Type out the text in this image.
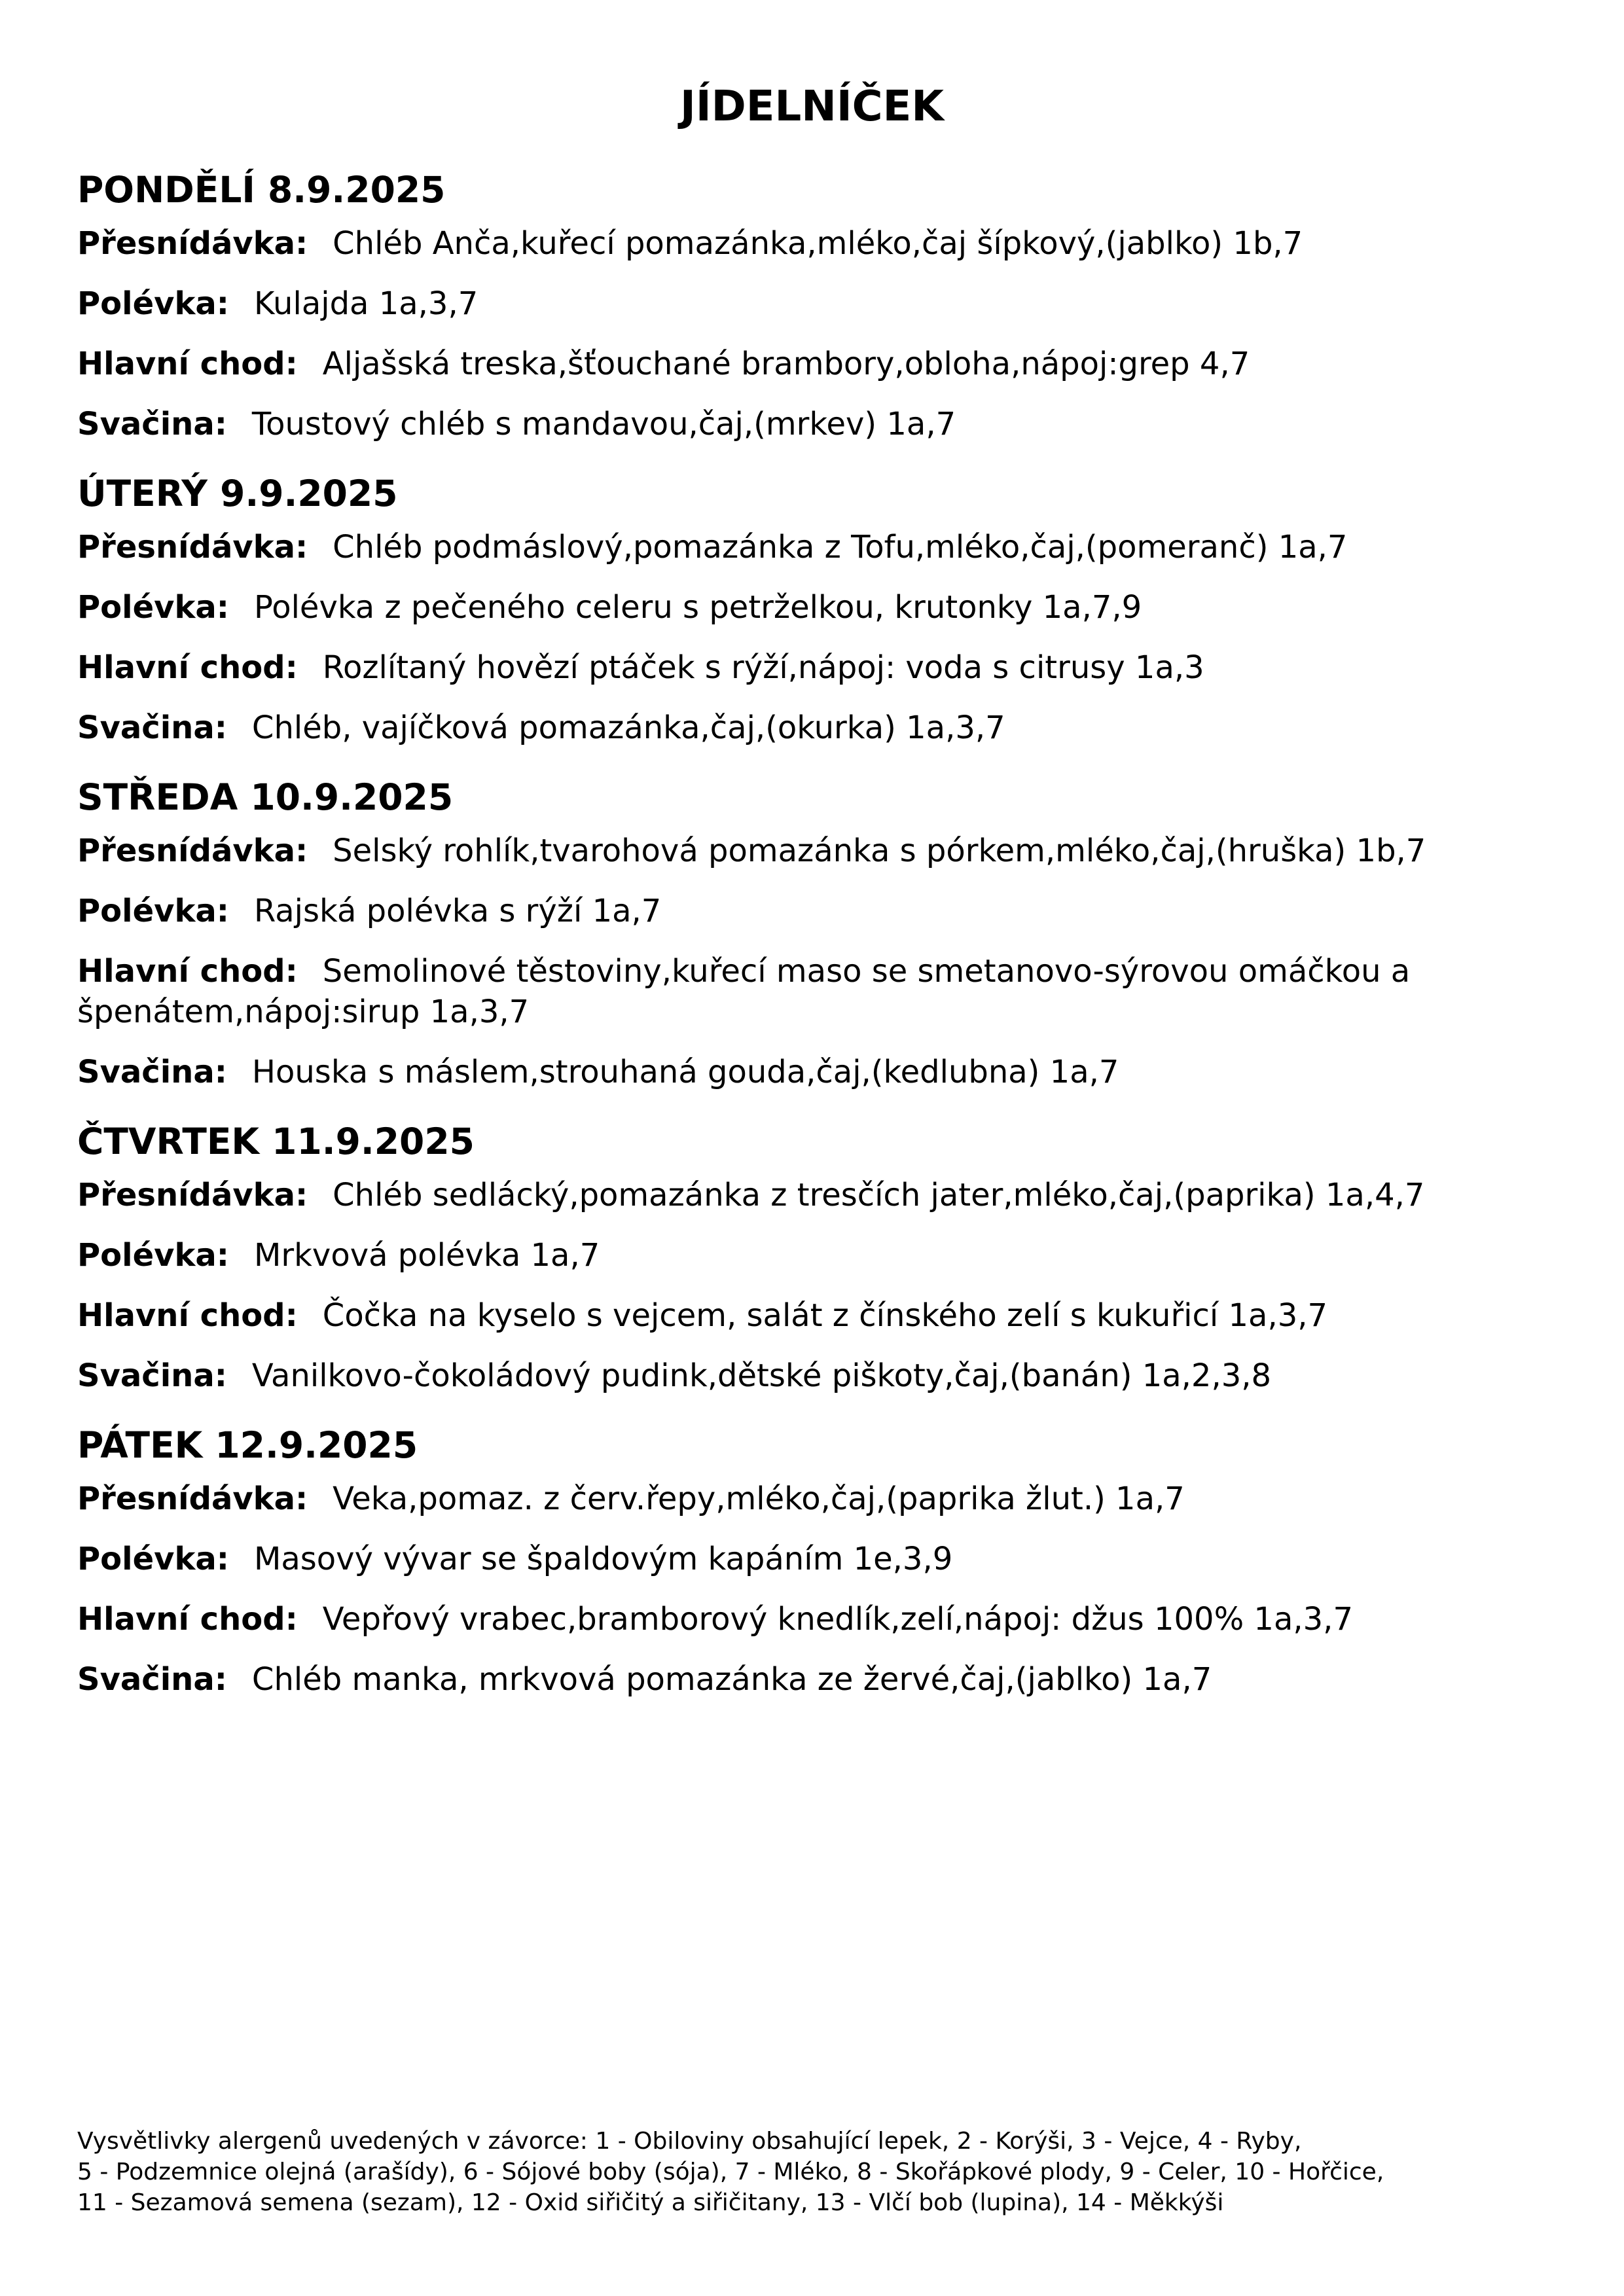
JÍDELNÍČEK
PONDĚLÍ 8.9.2025
Přesnídávka: Chléb Anča,kuřecí pomazánka,mléko,čaj šípkový,(jablko) 1b,7
Polévka: Kulajda 1a,3,7
Hlavní chod: Aljašská treska,šťouchané brambory,obloha,nápoj:grep 4,7
Svačina: Toustový chléb s mandavou,čaj,(mrkev) 1a,7
ÚTERÝ 9.9.2025
Přesnídávka: Chléb podmáslový,pomazánka z Tofu,mléko,čaj,(pomeranč) 1a,7
Polévka: Polévka z pečeného celeru s petrželkou, krutonky 1a,7,9
Hlavní chod: Rozlítaný hovězí ptáček s rýží,nápoj: voda s citrusy 1a,3
Svačina: Chléb, vajíčková pomazánka,čaj,(okurka) 1a,3,7
STŘEDA 10.9.2025
Přesnídávka: Selský rohlík,tvarohová pomazánka s pórkem,mléko,čaj,(hruška) 1b,7
Polévka: Rajská polévka s rýží 1a,7
Hlavní chod: Semolinové těstoviny,kuřecí maso se smetanovo-sýrovou omáčkou a špenátem,nápoj:sirup 1a,3,7
Svačina: Houska s máslem,strouhaná gouda,čaj,(kedlubna) 1a,7
ČTVRTEK 11.9.2025
Přesnídávka: Chléb sedlácký,pomazánka z tresčích jater,mléko,čaj,(paprika) 1a,4,7
Polévka: Mrkvová polévka 1a,7
Hlavní chod: Čočka na kyselo s vejcem, salát z čínského zelí s kukuřicí 1a,3,7
Svačina: Vanilkovo-čokoládový pudink,dětské piškoty,čaj,(banán) 1a,2,3,8
PÁTEK 12.9.2025
Přesnídávka: Veka,pomaz. z červ.řepy,mléko,čaj,(paprika žlut.) 1a,7
Polévka: Masový vývar se špaldovým kapáním 1e,3,9
Hlavní chod: Vepřový vrabec,bramborový knedlík,zelí,nápoj: džus 100% 1a,3,7
Svačina: Chléb manka, mrkvová pomazánka ze žervé,čaj,(jablko) 1a,7
Vysvětlivky alergenů uvedených v závorce: 1 - Obiloviny obsahující lepek, 2 - Korýši, 3 - Vejce, 4 - Ryby,
5 - Podzemnice olejná (arašídy), 6 - Sójové boby (sója), 7 - Mléko, 8 - Skořápkové plody, 9 - Celer, 10 - Hořčice,
11 - Sezamová semena (sezam), 12 - Oxid siřičitý a siřičitany, 13 - Vlčí bob (lupina), 14 - Měkkýši
